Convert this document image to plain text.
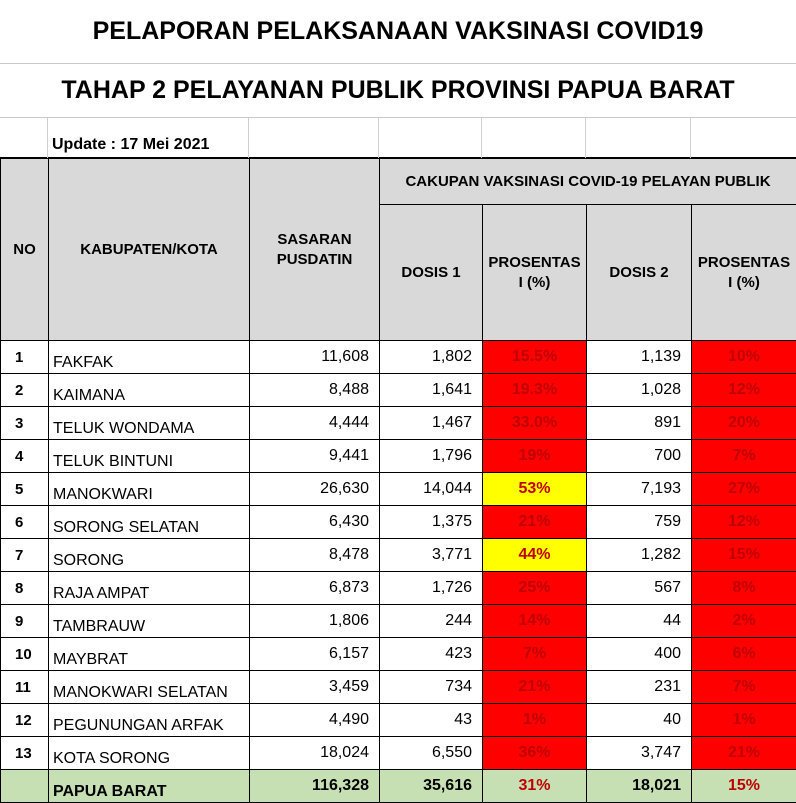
PELAPORAN PELAKSANAAN VAKSINASI COVID19
TAHAP 2 PELAYANAN PUBLIK PROVINSI PAPUA BARAT
Update : 17 Mei 2021
NO	KABUPATEN/KOTA	SASARAN PUSDATIN	CAKUPAN VAKSINASI COVID-19 PELAYAN PUBLIK			
			DOSIS 1	PROSENTAS I (%)	DOSIS 2	PROSENTAS I (%)
1	FAKFAK	11,608	1,802	15.5%	1,139	10%
2	KAIMANA	8,488	1,641	19.3%	1,028	12%
3	TELUK WONDAMA	4,444	1,467	33.0%	891	20%
4	TELUK BINTUNI	9,441	1,796	19%	700	7%
5	MANOKWARI	26,630	14,044	53%	7,193	27%
6	SORONG SELATAN	6,430	1,375	21%	759	12%
7	SORONG	8,478	3,771	44%	1,282	15%
8	RAJA AMPAT	6,873	1,726	25%	567	8%
9	TAMBRAUW	1,806	244	14%	44	2%
10	MAYBRAT	6,157	423	7%	400	6%
11	MANOKWARI SELATAN	3,459	734	21%	231	7%
12	PEGUNUNGAN ARFAK	4,490	43	1%	40	1%
13	KOTA SORONG	18,024	6,550	36%	3,747	21%
	PAPUA BARAT	116,328	35,616	31%	18,021	15%
